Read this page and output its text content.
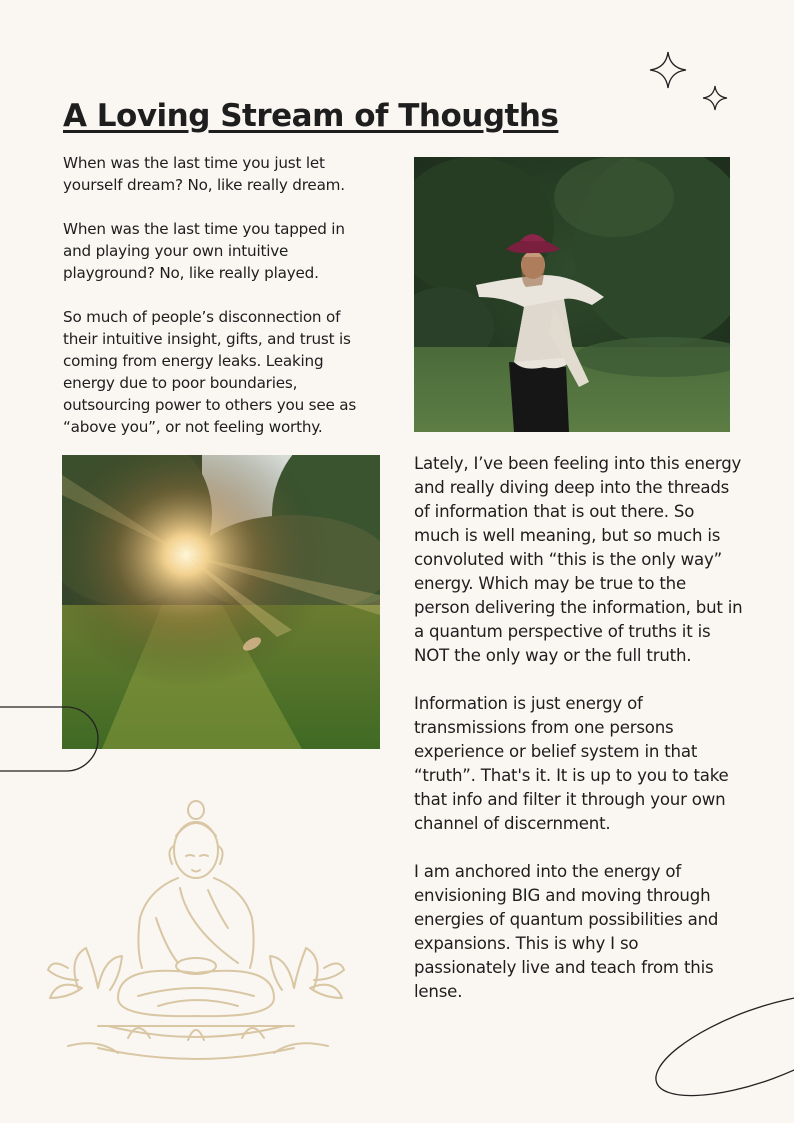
A Loving Stream of Thougths

When was the last time you just let yourself dream? No, like really dream.

When was the last time you tapped in and playing your own intuitive playground? No, like really played.

So much of people’s disconnection of their intuitive insight, gifts, and trust is coming from energy leaks. Leaking energy due to poor boundaries, outsourcing power to others you see as “above you”, or not feeling worthy.

Lately, I’ve been feeling into this energy and really diving deep into the threads of information that is out there. So much is well meaning, but so much is convoluted with “this is the only way” energy. Which may be true to the person delivering the information, but in a quantum perspective of truths it is NOT the only way or the full truth.

Information is just energy of transmissions from one persons experience or belief system in that “truth”. That's it. It is up to you to take that info and filter it through your own channel of discernment.

I am anchored into the energy of envisioning BIG and moving through energies of quantum possibilities and expansions. This is why I so passionately live and teach from this lense.
